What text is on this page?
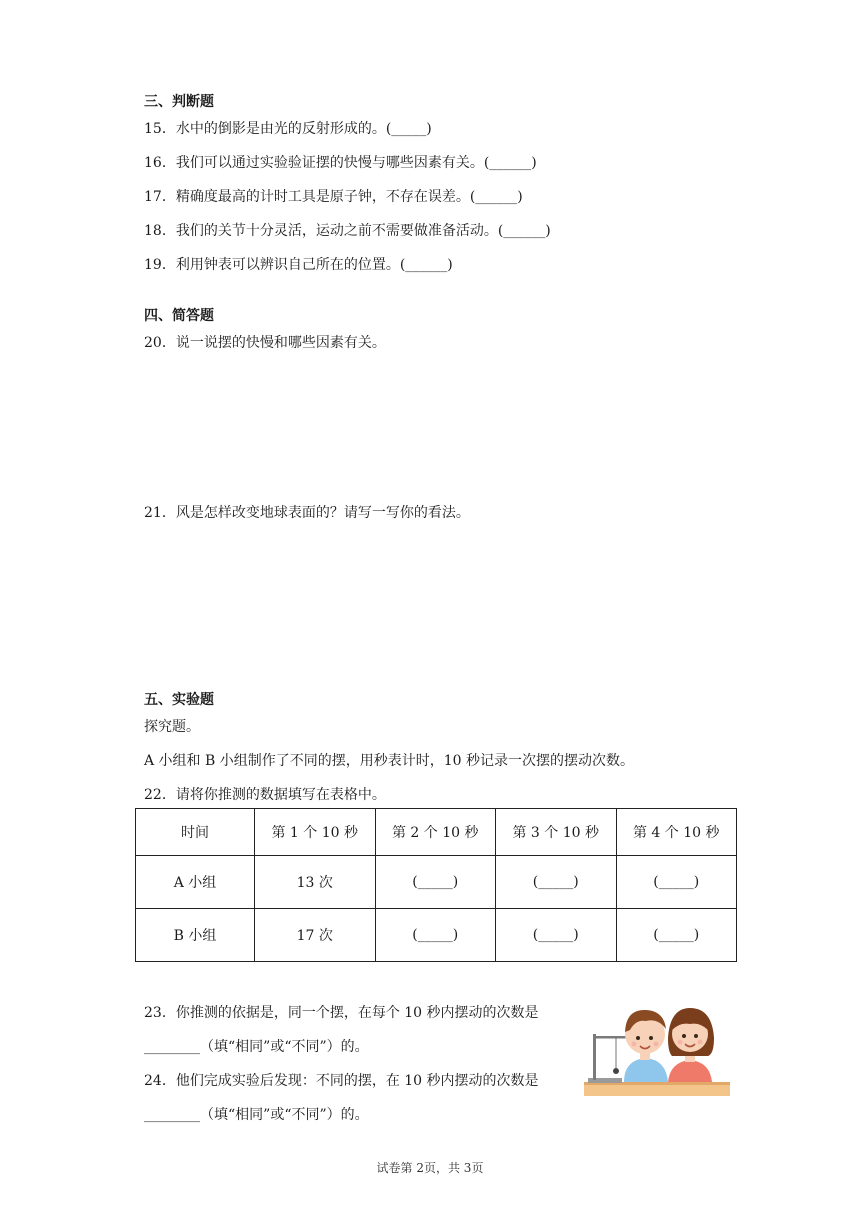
三、判断题
15．水中的倒影是由光的反射形成的。(_____)
16．我们可以通过实验验证摆的快慢与哪些因素有关。(______)
17．精确度最高的计时工具是原子钟，不存在误差。(______)
18．我们的关节十分灵活，运动之前不需要做准备活动。(______)
19．利用钟表可以辨识自己所在的位置。(______)
四、简答题
20．说一说摆的快慢和哪些因素有关。
21．风是怎样改变地球表面的？请写一写你的看法。
五、实验题
探究题。
A 小组和 B 小组制作了不同的摆，用秒表计时，10 秒记录一次摆的摆动次数。
22．请将你推测的数据填写在表格中。
时间	第 1 个 10 秒	第 2 个 10 秒	第 3 个 10 秒	第 4 个 10 秒
A 小组	13 次	(_____)	(_____)	(_____)
B 小组	17 次	(_____)	(_____)	(_____)
23．你推测的依据是，同一个摆，在每个 10 秒内摆动的次数是
________（填“相同”或“不同”）的。
24．他们完成实验后发现：不同的摆，在 10 秒内摆动的次数是
________（填“相同”或“不同”）的。
试卷第 2页，共 3页
